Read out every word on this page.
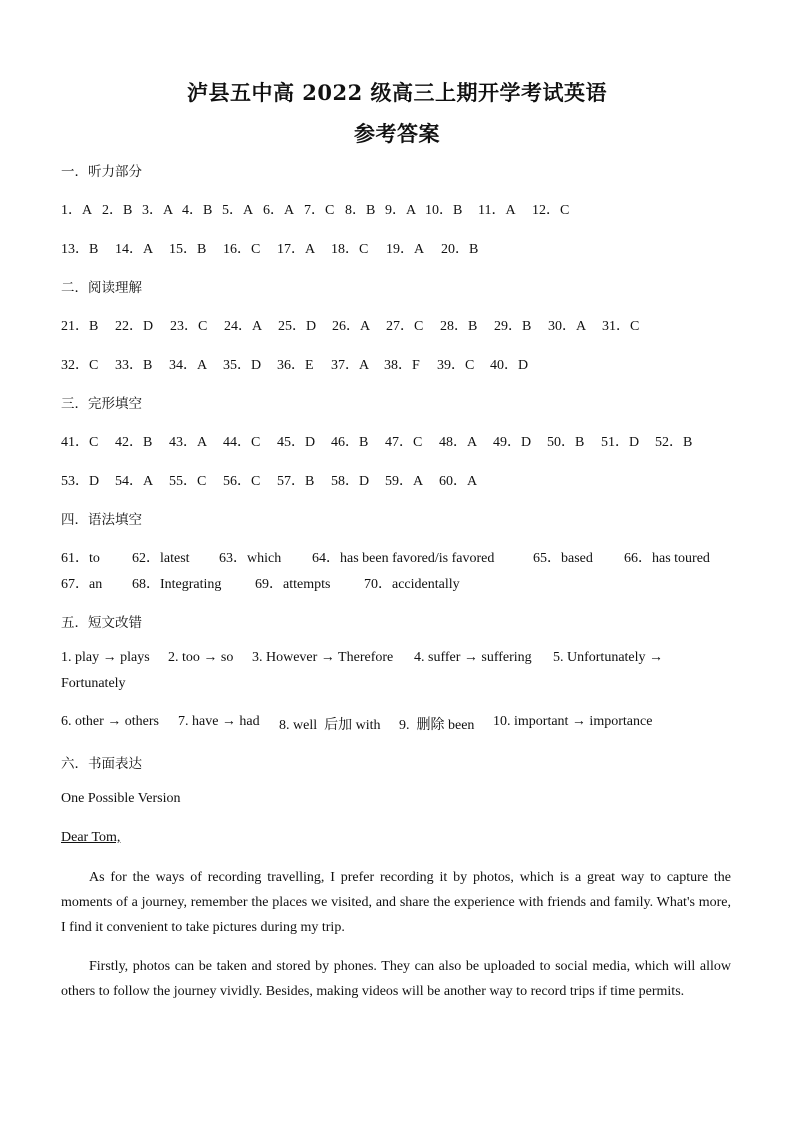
泸县五中高 2022 级高三上期开学考试英语
参考答案
一．听力部分
1．A 2．B 3．A 4．B 5．A 6．A 7．C 8．B 9．A 10．B	11．A	12．C
13．B	14．A	15．B	16．C	17．A	18．C	19．A	20．B
二．阅读理解
21．B	22．D	23．C	24．A	25．D	26．A	27．C	28．B	29．B	30．A	31．C
32．C	33．B	34．A	35．D	36．E	37．A	38．F	39．C	40．D
三．完形填空
41．C	42．B	43．A	44．C	45．D	46．B	47．C	48．A	49．D	50．B	51．D	52．B
53．D	54．A	55．C	56．C	57．B	58．D	59．A	60．A
四．语法填空
61．to	62．latest	63．which	64．has been favored/is favored	65．based	66．has toured
67．an	68．Integrating	69．attempts	70．accidentally
五．短文改错
1. play → plays	2. too → so	3. However → Therefore	4. suffer → suffering	5. Unfortunately →
Fortunately
6. other → others	7. have → had	8. well  后加 with	9.  删除 been	10. important → importance
六．书面表达
One Possible Version
Dear Tom,
As for the ways of recording travelling, I prefer recording it by photos, which is a great way to capture the moments of a journey, remember the places we visited, and share the experience with friends and family. What's more, I find it convenient to take pictures during my trip.
Firstly, photos can be taken and stored by phones. They can also be uploaded to social media, which will allow others to follow the journey vividly. Besides, making videos will be another way to record trips if time permits.
